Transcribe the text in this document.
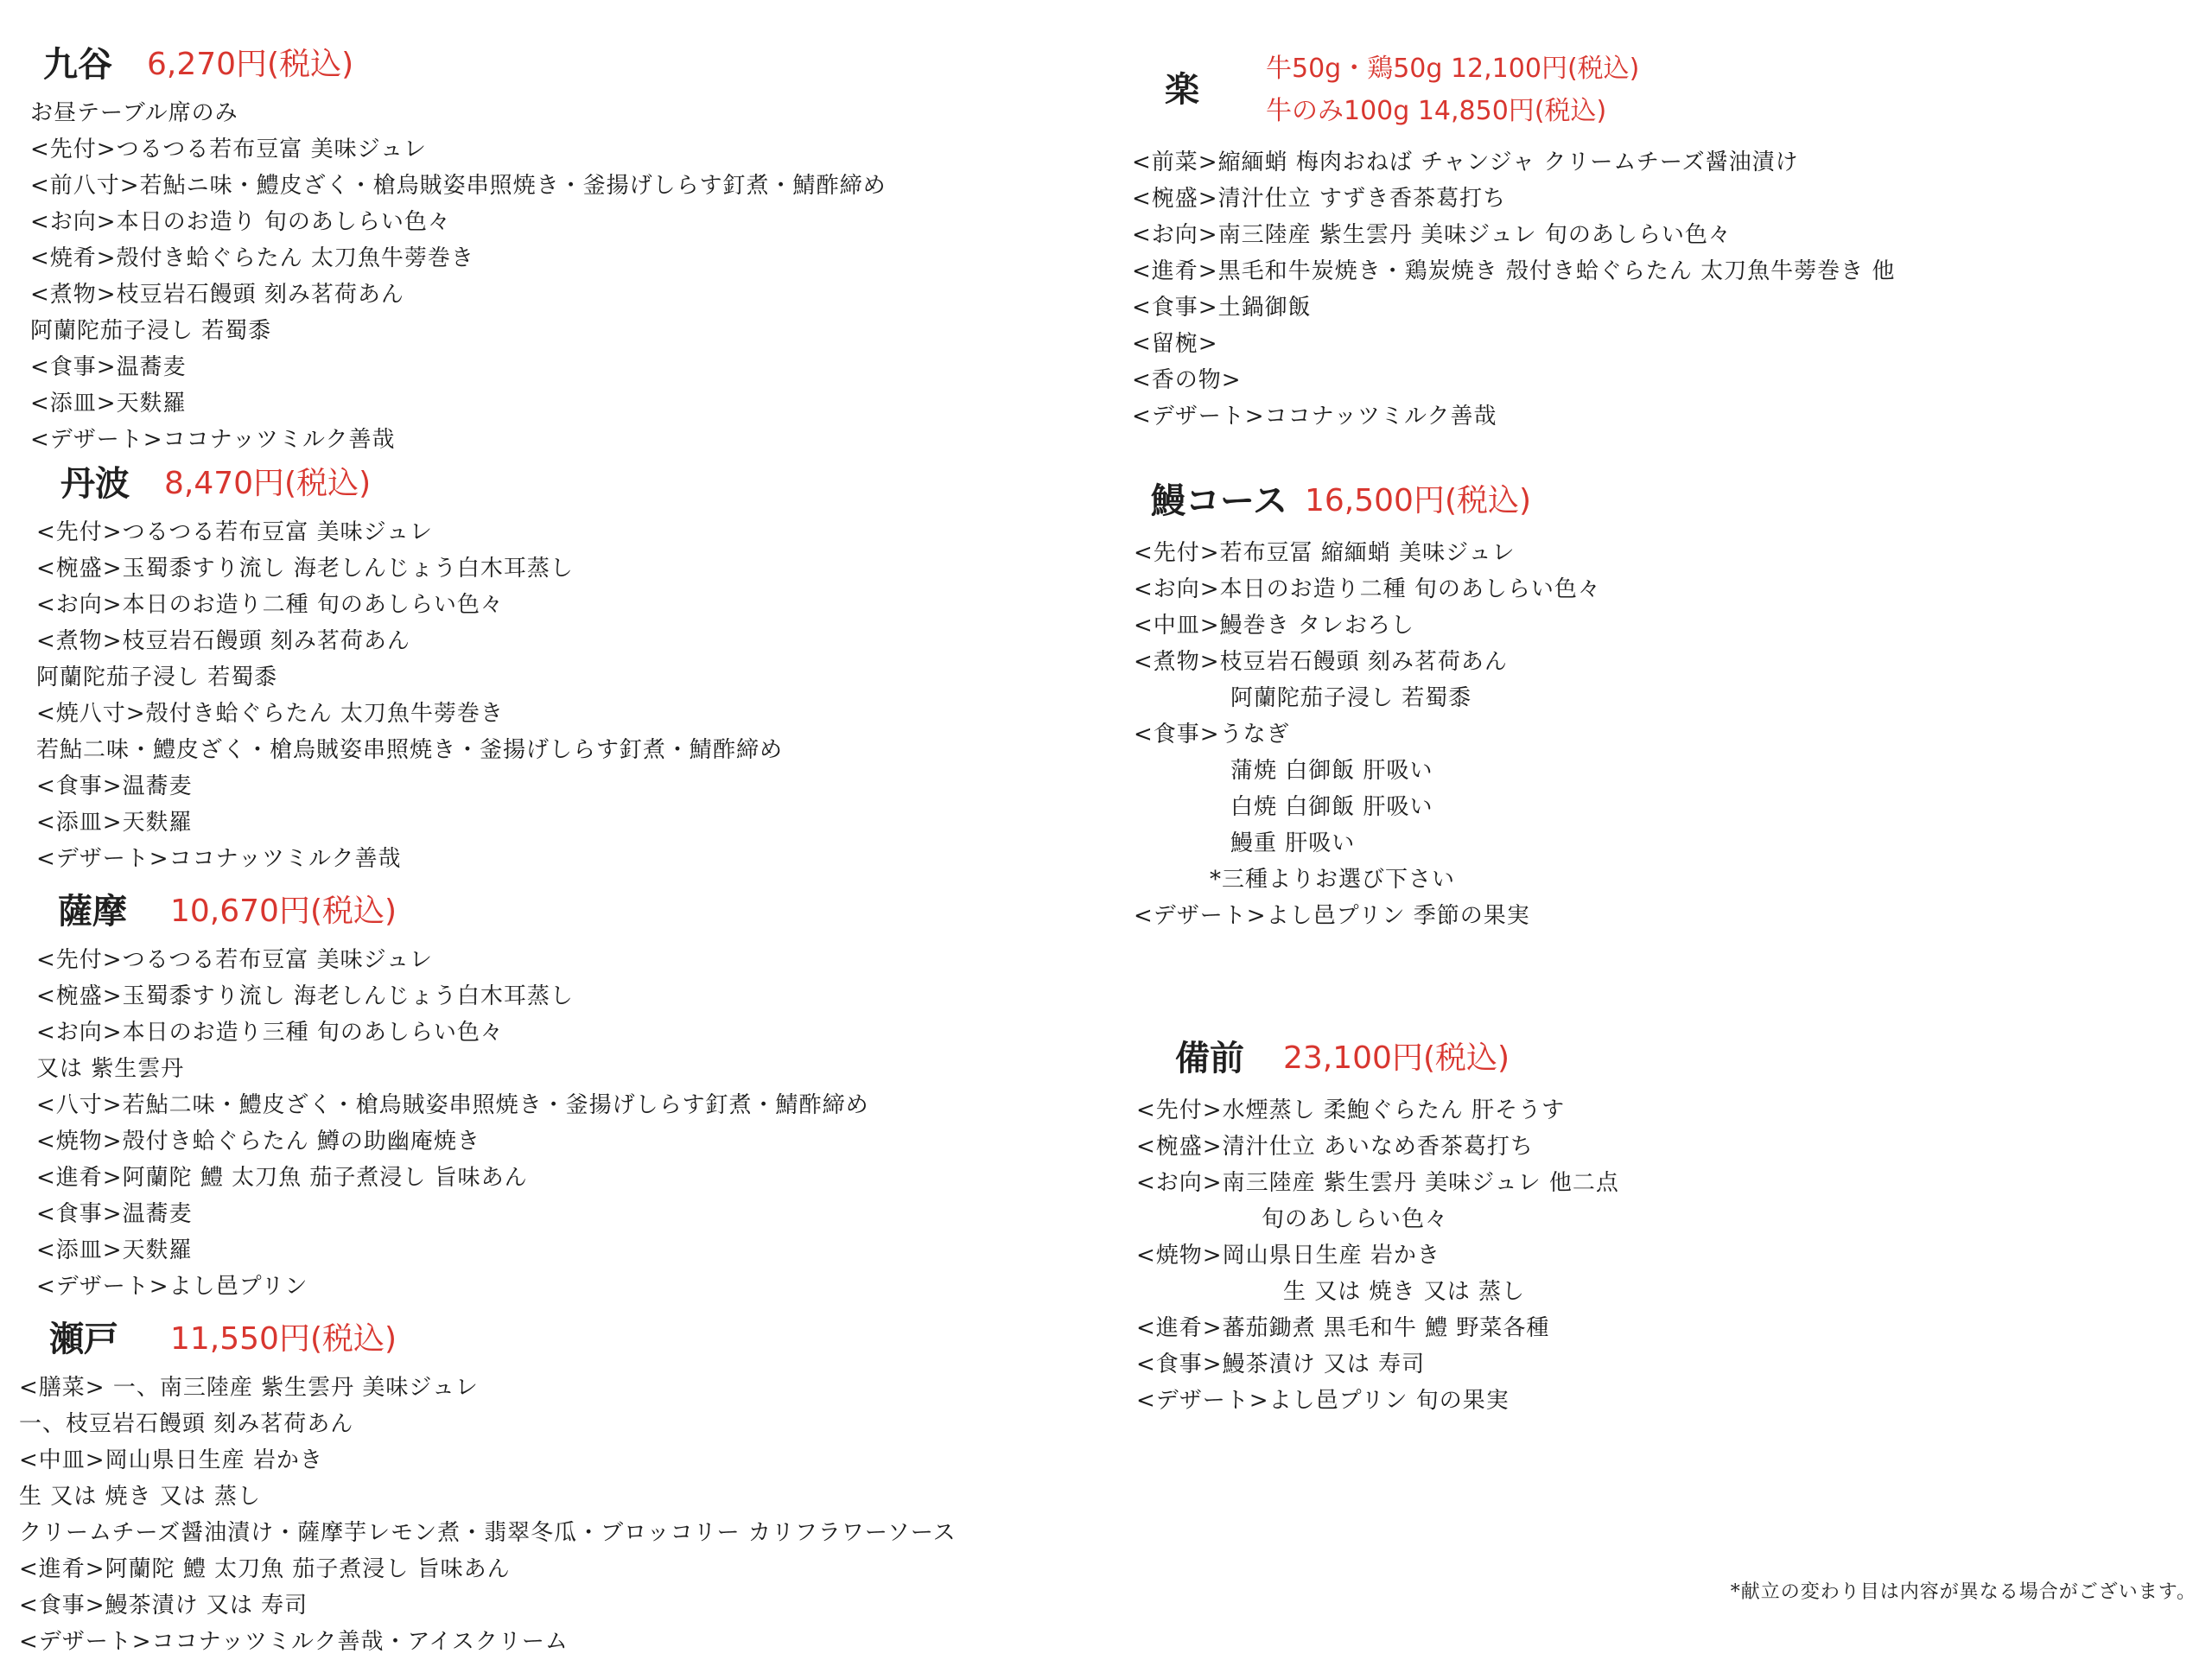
九谷 6,270円(税込)
お昼テーブル席のみ
<先付>つるつる若布豆富 美味ジュレ
<前八寸>若鮎ニ味・鱧皮ざく・槍烏賊姿串照焼き・釜揚げしらす釘煮・鯖酢締め
<お向>本日のお造り 旬のあしらい色々
<焼肴>殻付き蛤ぐらたん 太刀魚牛蒡巻き
<煮物>枝豆岩石饅頭 刻み茗荷あん
阿蘭陀茄子浸し 若蜀黍
<食事>温蕎麦
<添皿>天麩羅
<デザート>ココナッツミルク善哉
丹波 8,470円(税込)
<先付>つるつる若布豆富 美味ジュレ
<椀盛>玉蜀黍すり流し 海老しんじょう白木耳蒸し
<お向>本日のお造り二種 旬のあしらい色々
<煮物>枝豆岩石饅頭 刻み茗荷あん
阿蘭陀茄子浸し 若蜀黍
<焼八寸>殻付き蛤ぐらたん 太刀魚牛蒡巻き
若鮎二味・鱧皮ざく・槍烏賊姿串照焼き・釜揚げしらす釘煮・鯖酢締め
<食事>温蕎麦
<添皿>天麩羅
<デザート>ココナッツミルク善哉
薩摩 10,670円(税込)
<先付>つるつる若布豆富 美味ジュレ
<椀盛>玉蜀黍すり流し 海老しんじょう白木耳蒸し
<お向>本日のお造り三種 旬のあしらい色々
又は 紫生雲丹
<八寸>若鮎二味・鱧皮ざく・槍烏賊姿串照焼き・釜揚げしらす釘煮・鯖酢締め
<焼物>殻付き蛤ぐらたん 鱒の助幽庵焼き
<進肴>阿蘭陀 鱧 太刀魚 茄子煮浸し 旨味あん
<食事>温蕎麦
<添皿>天麩羅
<デザート>よし邑プリン
瀬戸 11,550円(税込)
<膳菜> 一、南三陸産 紫生雲丹 美味ジュレ
一、枝豆岩石饅頭 刻み茗荷あん
<中皿>岡山県日生産 岩かき
生 又は 焼き 又は 蒸し
クリームチーズ醤油漬け・薩摩芋レモン煮・翡翠冬瓜・ブロッコリー カリフラワーソース
<進肴>阿蘭陀 鱧 太刀魚 茄子煮浸し 旨味あん
<食事>鰻茶漬け 又は 寿司
<デザート>ココナッツミルク善哉・アイスクリーム
楽
牛50g・鶏50g 12,100円(税込)
牛のみ100g 14,850円(税込)
<前菜>縮緬蛸 梅肉おねば チャンジャ クリームチーズ醤油漬け
<椀盛>清汁仕立 すずき香茶葛打ち
<お向>南三陸産 紫生雲丹 美味ジュレ 旬のあしらい色々
<進肴>黒毛和牛炭焼き・鶏炭焼き 殻付き蛤ぐらたん 太刀魚牛蒡巻き 他
<食事>土鍋御飯
<留椀>
<香の物>
<デザート>ココナッツミルク善哉
鰻コース 16,500円(税込)
<先付>若布豆冨 縮緬蛸 美味ジュレ
<お向>本日のお造り二種 旬のあしらい色々
<中皿>鰻巻き タレおろし
<煮物>枝豆岩石饅頭 刻み茗荷あん
阿蘭陀茄子浸し 若蜀黍
<食事>うなぎ
蒲焼 白御飯 肝吸い
白焼 白御飯 肝吸い
鰻重 肝吸い
*三種よりお選び下さい
<デザート>よし邑プリン 季節の果実
備前 23,100円(税込)
<先付>水煙蒸し 柔鮑ぐらたん 肝そうす
<椀盛>清汁仕立 あいなめ香茶葛打ち
<お向>南三陸産 紫生雲丹 美味ジュレ 他二点
旬のあしらい色々
<焼物>岡山県日生産 岩かき
生 又は 焼き 又は 蒸し
<進肴>蕃茄鋤煮 黒毛和牛 鱧 野菜各種
<食事>鰻茶漬け 又は 寿司
<デザート>よし邑プリン 旬の果実
*献立の変わり目は内容が異なる場合がございます。
